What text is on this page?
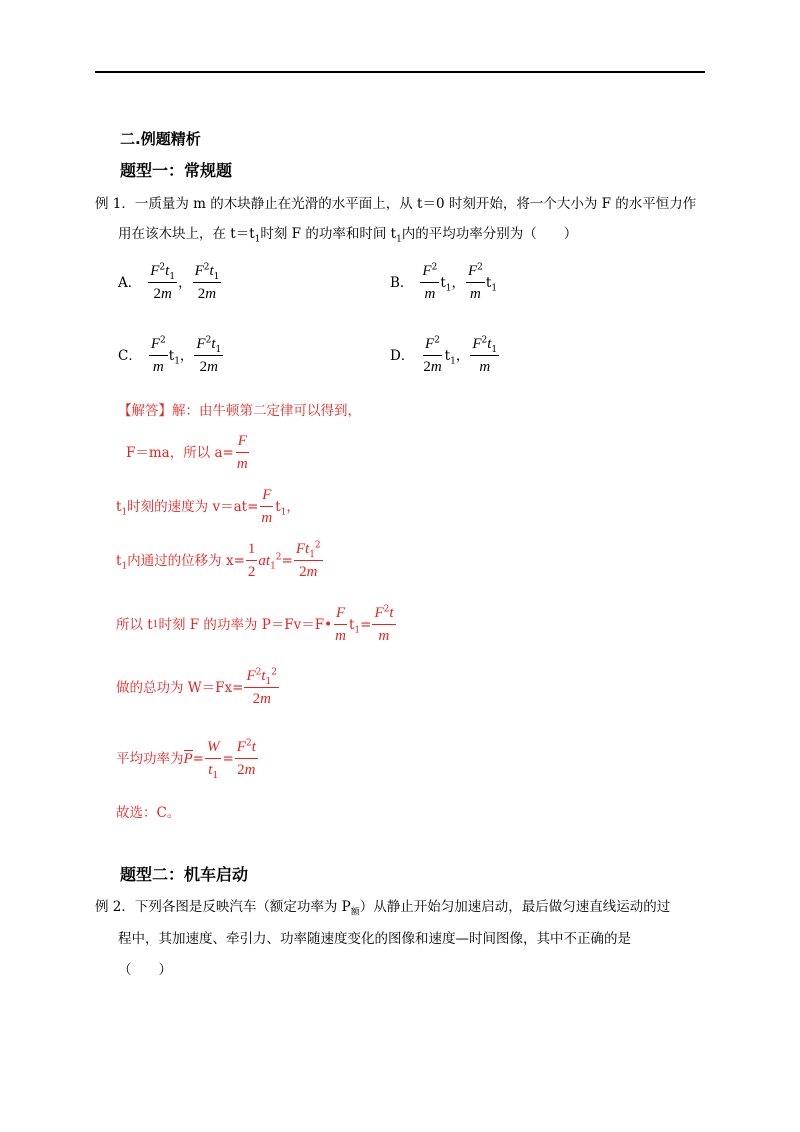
二.例题精析
题型一：常规题
例 1．一质量为 m 的木块静止在光滑的水平面上，从 t＝0 时刻开始，将一个大小为 F 的水平恒力作
用在该木块上，在 $t=t_1$时刻 F 的功率和时间 $t_1$内的平均功率分别为（　　）
A． $\frac{F^2t_1}{2m}$ ， $\frac{F^2t_1}{2m}$	B． $\frac{F^2}{m} t_1$， $\frac{F^2}{m} t_1$
C． $\frac{F^2}{m} t_1$， $\frac{F^2t_1}{2m}$	D． $\frac{F^2}{2m} t_1$， $\frac{F^2t_1}{m}$
【解答】解：由牛顿第二定律可以得到，
F＝ma，所以 $a= \frac{F}{m}$
$t_1$ 时刻的速度为 $v=at= \frac{F}{m} t_1$，
$t_1$ 内通过的位移为 $x = \frac{1}{2}$ at $_1^2 = \frac{Ft_1^2}{2m}$
所以 t 1 时刻 F 的功率为 P＝Fv＝F• $\frac{F}{m} t_1= \frac{F^2t}{m}$
做的总功为 $W=Fx = \frac{F^2t_1^2}{2m}$
平均功率为 $P = \frac{W}{t_1} = \frac{F^2t}{2m}$
故选：C。
题型二：机车启动
例 2．下列各图是反映汽车（额定功率为 $P_额$）从静止开始匀加速启动，最后做匀速直线运动的过
程中，其加速度、牵引力、功率随速度变化的图像和速度—时间图像，其中不正确的是
（　　）
